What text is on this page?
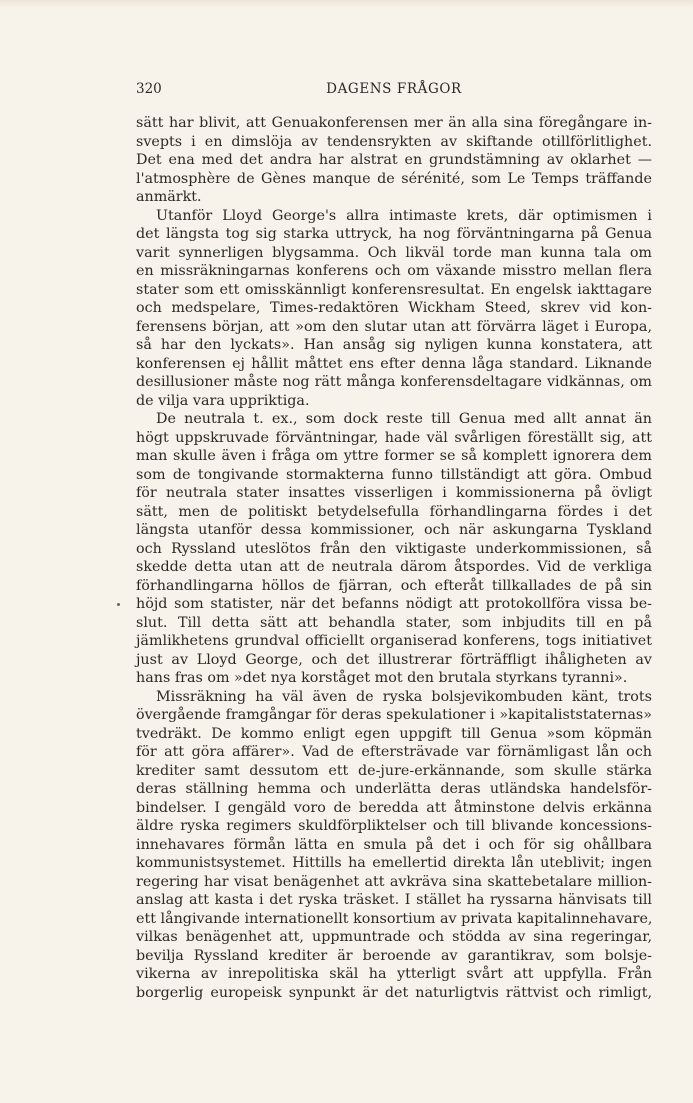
320	DAGENS FRÅGOR
sätt har blivit, att Genuakonferensen mer än alla sina föregångare in-
svepts i en dimslöja av tendensrykten av skiftande otillförlitlighet.
Det ena med det andra har alstrat en grundstämning av oklarhet —
l'atmosphère de Gènes manque de sérénité, som Le Temps träffande
anmärkt.
Utanför Lloyd George's allra intimaste krets, där optimismen i
det längsta tog sig starka uttryck, ha nog förväntningarna på Genua
varit synnerligen blygsamma. Och likväl torde man kunna tala om
en missräkningarnas konferens och om växande misstro mellan flera
stater som ett omisskännligt konferensresultat. En engelsk iakttagare
och medspelare, Times-redaktören Wickham Steed, skrev vid kon-
ferensens början, att »om den slutar utan att förvärra läget i Europa,
så har den lyckats». Han ansåg sig nyligen kunna konstatera, att
konferensen ej hållit måttet ens efter denna låga standard. Liknande
desillusioner måste nog rätt många konferensdeltagare vidkännas, om
de vilja vara uppriktiga.
De neutrala t. ex., som dock reste till Genua med allt annat än
högt uppskruvade förväntningar, hade väl svårligen föreställt sig, att
man skulle även i fråga om yttre former se så komplett ignorera dem
som de tongivande stormakterna funno tillständigt att göra. Ombud
för neutrala stater insattes visserligen i kommissionerna på övligt
sätt, men de politiskt betydelsefulla förhandlingarna fördes i det
längsta utanför dessa kommissioner, och när askungarna Tyskland
och Ryssland uteslötos från den viktigaste underkommissionen, så
skedde detta utan att de neutrala därom åtspordes. Vid de verkliga
förhandlingarna höllos de fjärran, och efteråt tillkallades de på sin
höjd som statister, när det befanns nödigt att protokollföra vissa be-
slut. Till detta sätt att behandla stater, som inbjudits till en på
jämlikhetens grundval officiellt organiserad konferens, togs initiativet
just av Lloyd George, och det illustrerar förträffligt ihåligheten av
hans fras om »det nya korståget mot den brutala styrkans tyranni».
Missräkning ha väl även de ryska bolsjevikombuden känt, trots
övergående framgångar för deras spekulationer i »kapitaliststaternas»
tvedräkt. De kommo enligt egen uppgift till Genua »som köpmän
för att göra affärer». Vad de eftersträvade var förnämligast lån och
krediter samt dessutom ett de-jure-erkännande, som skulle stärka
deras ställning hemma och underlätta deras utländska handelsför-
bindelser. I gengäld voro de beredda att åtminstone delvis erkänna
äldre ryska regimers skuldförpliktelser och till blivande koncessions-
innehavares förmån lätta en smula på det i och för sig ohållbara
kommunistsystemet. Hittills ha emellertid direkta lån uteblivit; ingen
regering har visat benägenhet att avkräva sina skattebetalare million-
anslag att kasta i det ryska träsket. I stället ha ryssarna hänvisats till
ett långivande internationellt konsortium av privata kapitalinnehavare,
vilkas benägenhet att, uppmuntrade och stödda av sina regeringar,
bevilja Ryssland krediter är beroende av garantikrav, som bolsje-
vikerna av inrepolitiska skäl ha ytterligt svårt att uppfylla. Från
borgerlig europeisk synpunkt är det naturligtvis rättvist och rimligt,
